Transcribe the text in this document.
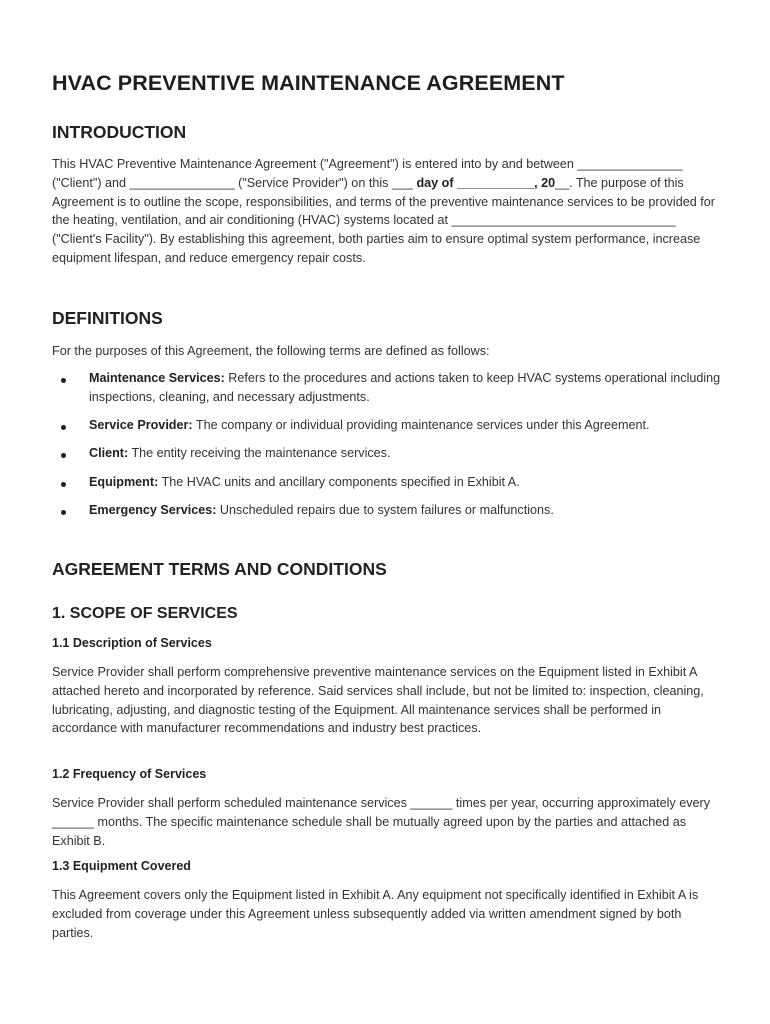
HVAC PREVENTIVE MAINTENANCE AGREEMENT
INTRODUCTION

This HVAC Preventive Maintenance Agreement ("Agreement") is entered into by and between _______________ ("Client") and _______________ ("Service Provider") on this ___ day of ___________, 20__. The purpose of this Agreement is to outline the scope, responsibilities, and terms of the preventive maintenance services to be provided for the heating, ventilation, and air conditioning (HVAC) systems located at ________________________________ ("Client's Facility"). By establishing this agreement, both parties aim to ensure optimal system performance, increase equipment lifespan, and reduce emergency repair costs.

DEFINITIONS

For the purposes of this Agreement, the following terms are defined as follows:

Maintenance Services: Refers to the procedures and actions taken to keep HVAC systems operational including inspections, cleaning, and necessary adjustments.
Service Provider: The company or individual providing maintenance services under this Agreement.
Client: The entity receiving the maintenance services.
Equipment: The HVAC units and ancillary components specified in Exhibit A.
Emergency Services: Unscheduled repairs due to system failures or malfunctions.
AGREEMENT TERMS AND CONDITIONS
1. SCOPE OF SERVICES
1.1 Description of Services

Service Provider shall perform comprehensive preventive maintenance services on the Equipment listed in Exhibit A attached hereto and incorporated by reference. Said services shall include, but not be limited to: inspection, cleaning, lubricating, adjusting, and diagnostic testing of the Equipment. All maintenance services shall be performed in accordance with manufacturer recommendations and industry best practices.

1.2 Frequency of Services

Service Provider shall perform scheduled maintenance services ______ times per year, occurring approximately every ______ months. The specific maintenance schedule shall be mutually agreed upon by the parties and attached as Exhibit B.

1.3 Equipment Covered

This Agreement covers only the Equipment listed in Exhibit A. Any equipment not specifically identified in Exhibit A is excluded from coverage under this Agreement unless subsequently added via written amendment signed by both parties.
